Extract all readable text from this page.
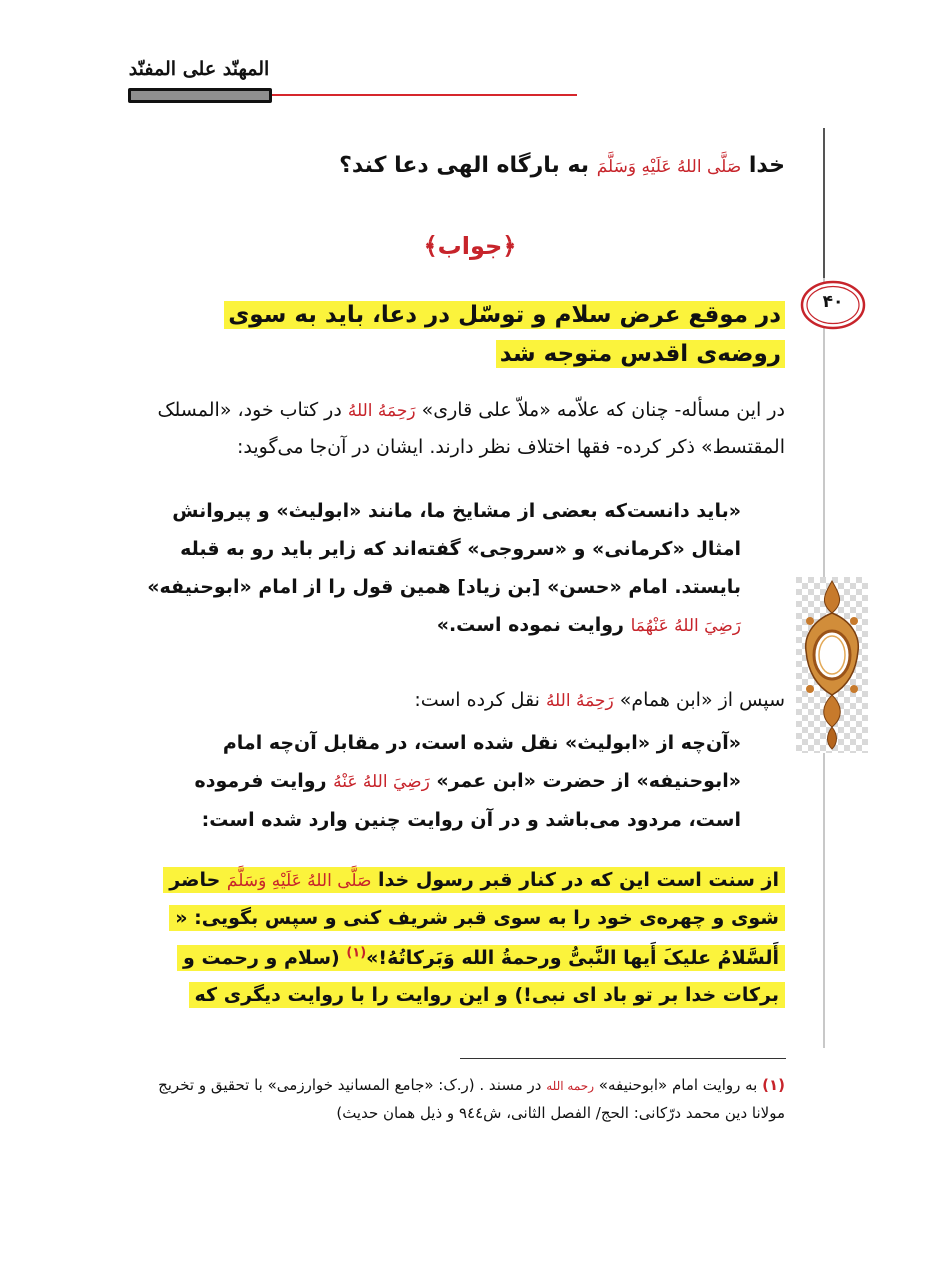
المهنّد علی المفنّد
۴۰
خدا صَلَّى اللهُ عَلَيْهِ وَسَلَّمَ به بارگاه الهی دعا کند؟
﴿جواب﴾
در موقع عرض سلام و توسّل در دعا، باید به سوی
روضه‌ی اقدس متوجه شد
در این مسأله- چنان که علاّمه «ملاّ علی قاری» رَحِمَهُ اللهُ در کتاب خود، «المسلک المقتسط» ذکر کرده- فقها اختلاف نظر دارند. ایشان در آن‌جا می‌گوید:
«باید دانست‌که بعضی از مشایخ ما، مانند «ابولیث» و پیروانش امثال «کرمانی» و «سروجی» گفته‌اند که زایر باید رو به قبله بایستد. امام «حسن» [بن زیاد] همین قول را از امام «ابوحنیفه» رَضِيَ اللهُ عَنْهُمَا روایت نموده است.»
سپس از «ابن همام» رَحِمَهُ اللهُ نقل کرده است:
«آن‌چه از «ابولیث» نقل شده است، در مقابل آن‌چه امام «ابوحنیفه» از حضرت «ابن عمر» رَضِيَ اللهُ عَنْهُ روایت فرموده است، مردود می‌باشد و در آن روایت چنین وارد شده است:
از سنت است این که در کنار قبر رسول خدا صَلَّى اللهُ عَلَيْهِ وَسَلَّمَ حاضر شوی و چهره‌ی خود را به سوی قبر شریف کنی و سپس بگویی: « أَلسَّلامُ علیکَ أَیها النَّبیُّ ورحمةُ الله وَبَرکاتُهُ!»$^{(۱)}$ (سلام و رحمت و برکات خدا بر تو باد ای نبی!) و این روایت را با روایت دیگری که
(۱) به روایت امام «ابوحنیفه» رحمه الله در مسند . (ر.ک: «جامع المسانید خوارزمی» با تحقیق و تخریج مولانا دین محمد درّکانی: الحج/ الفصل الثانی، ش۹٤٤ و ذیل همان حدیث)
